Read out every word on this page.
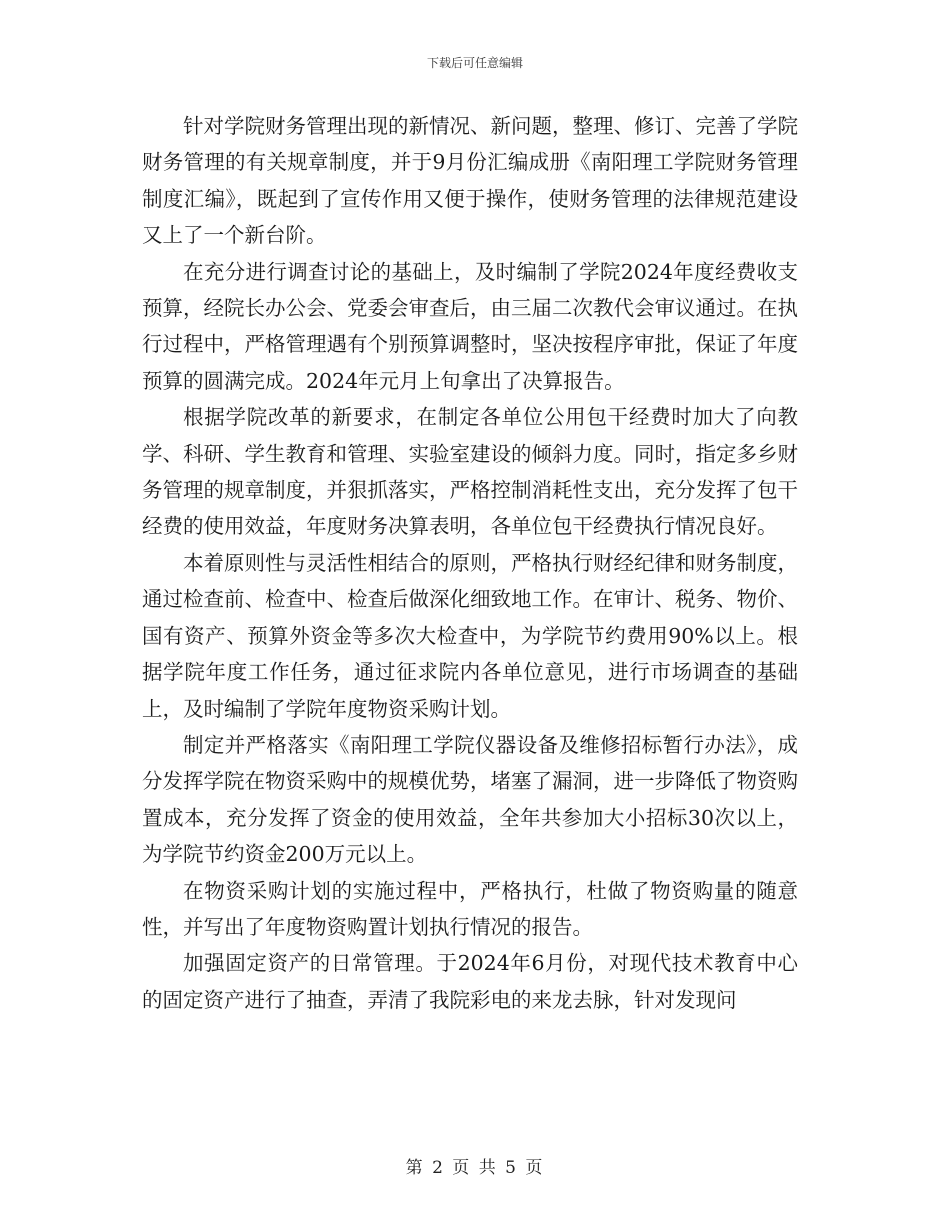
下载后可任意编辑

针对学院财务管理出现的新情况、新问题，整理、修订、完善了学院财务管理的有关规章制度，并于9月份汇编成册《南阳理工学院财务管理制度汇编》，既起到了宣传作用又便于操作，使财务管理的法律规范建设又上了一个新台阶。

在充分进行调查讨论的基础上，及时编制了学院2024年度经费收支预算，经院长办公会、党委会审查后，由三届二次教代会审议通过。在执行过程中，严格管理遇有个别预算调整时，坚决按程序审批，保证了年度预算的圆满完成。2024年元月上旬拿出了决算报告。

根据学院改革的新要求，在制定各单位公用包干经费时加大了向教学、科研、学生教育和管理、实验室建设的倾斜力度。同时，指定多乡财务管理的规章制度，并狠抓落实，严格控制消耗性支出，充分发挥了包干经费的使用效益，年度财务决算表明，各单位包干经费执行情况良好。

本着原则性与灵活性相结合的原则，严格执行财经纪律和财务制度，通过检查前、检查中、检查后做深化细致地工作。在审计、税务、物价、国有资产、预算外资金等多次大检查中，为学院节约费用90%以上。根据学院年度工作任务，通过征求院内各单位意见，进行市场调查的基础上，及时编制了学院年度物资采购计划。

制定并严格落实《南阳理工学院仪器设备及维修招标暂行办法》，成分发挥学院在物资采购中的规模优势，堵塞了漏洞，进一步降低了物资购置成本，充分发挥了资金的使用效益，全年共参加大小招标30次以上，为学院节约资金200万元以上。

在物资采购计划的实施过程中，严格执行，杜做了物资购量的随意性，并写出了年度物资购置计划执行情况的报告。

加强固定资产的日常管理。于2024年6月份，对现代技术教育中心的固定资产进行了抽查，弄清了我院彩电的来龙去脉，针对发现问

第 2 页 共 5 页
